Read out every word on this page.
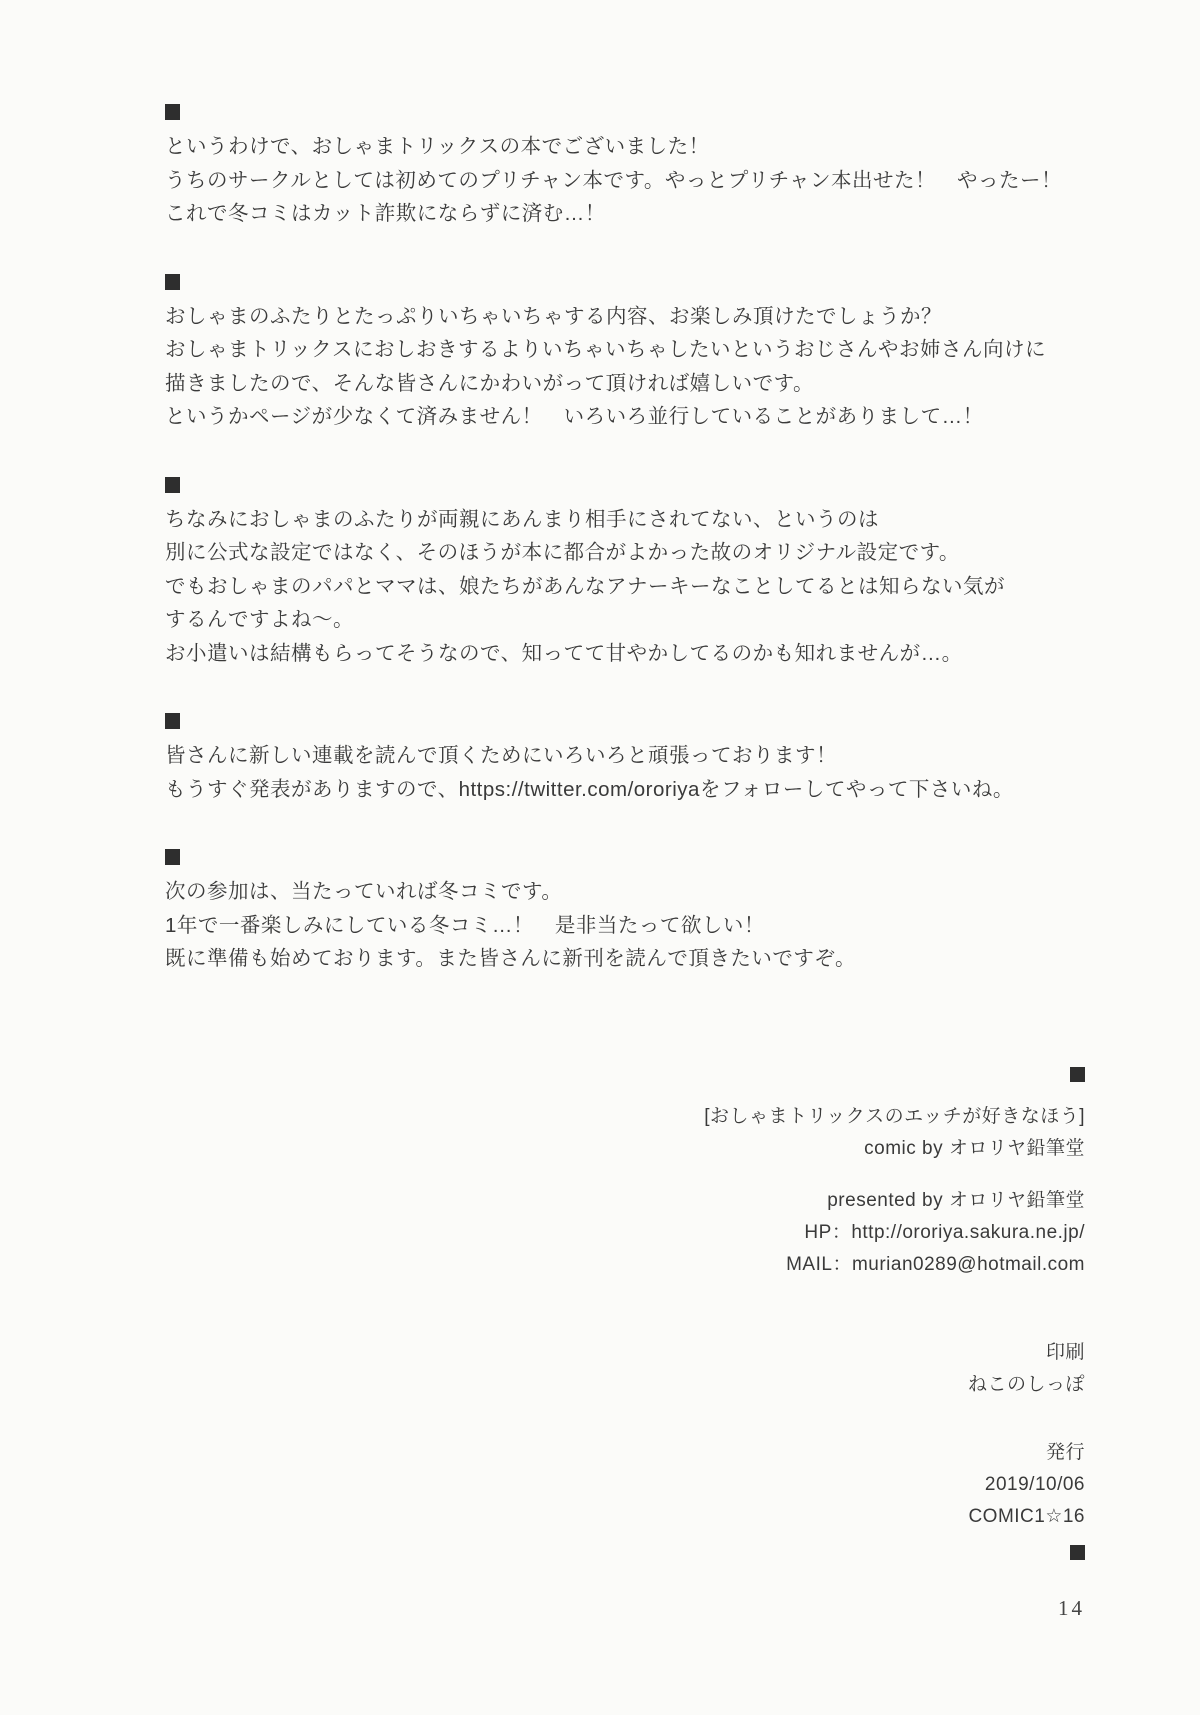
というわけで、おしゃまトリックスの本でございました！
うちのサークルとしては初めてのプリチャン本です。やっとプリチャン本出せた！　やったー！
これで冬コミはカット詐欺にならずに済む…！
おしゃまのふたりとたっぷりいちゃいちゃする内容、お楽しみ頂けたでしょうか？
おしゃまトリックスにおしおきするよりいちゃいちゃしたいというおじさんやお姉さん向けに
描きましたので、そんな皆さんにかわいがって頂ければ嬉しいです。
というかページが少なくて済みません！　いろいろ並行していることがありまして…！
ちなみにおしゃまのふたりが両親にあんまり相手にされてない、というのは
別に公式な設定ではなく、そのほうが本に都合がよかった故のオリジナル設定です。
でもおしゃまのパパとママは、娘たちがあんなアナーキーなことしてるとは知らない気が
するんですよね〜。
お小遣いは結構もらってそうなので、知ってて甘やかしてるのかも知れませんが…。
皆さんに新しい連載を読んで頂くためにいろいろと頑張っております！
もうすぐ発表がありますので、https://twitter.com/ororiyaをフォローしてやって下さいね。
次の参加は、当たっていれば冬コミです。
1年で一番楽しみにしている冬コミ…！　是非当たって欲しい！
既に準備も始めております。また皆さんに新刊を読んで頂きたいですぞ。
[おしゃまトリックスのエッチが好きなほう]
comic by オロリヤ鉛筆堂
presented by オロリヤ鉛筆堂
HP：http://ororiya.sakura.ne.jp/
MAIL：murian0289@hotmail.com
印刷
ねこのしっぽ
発行
2019/10/06
COMIC1☆16
14
